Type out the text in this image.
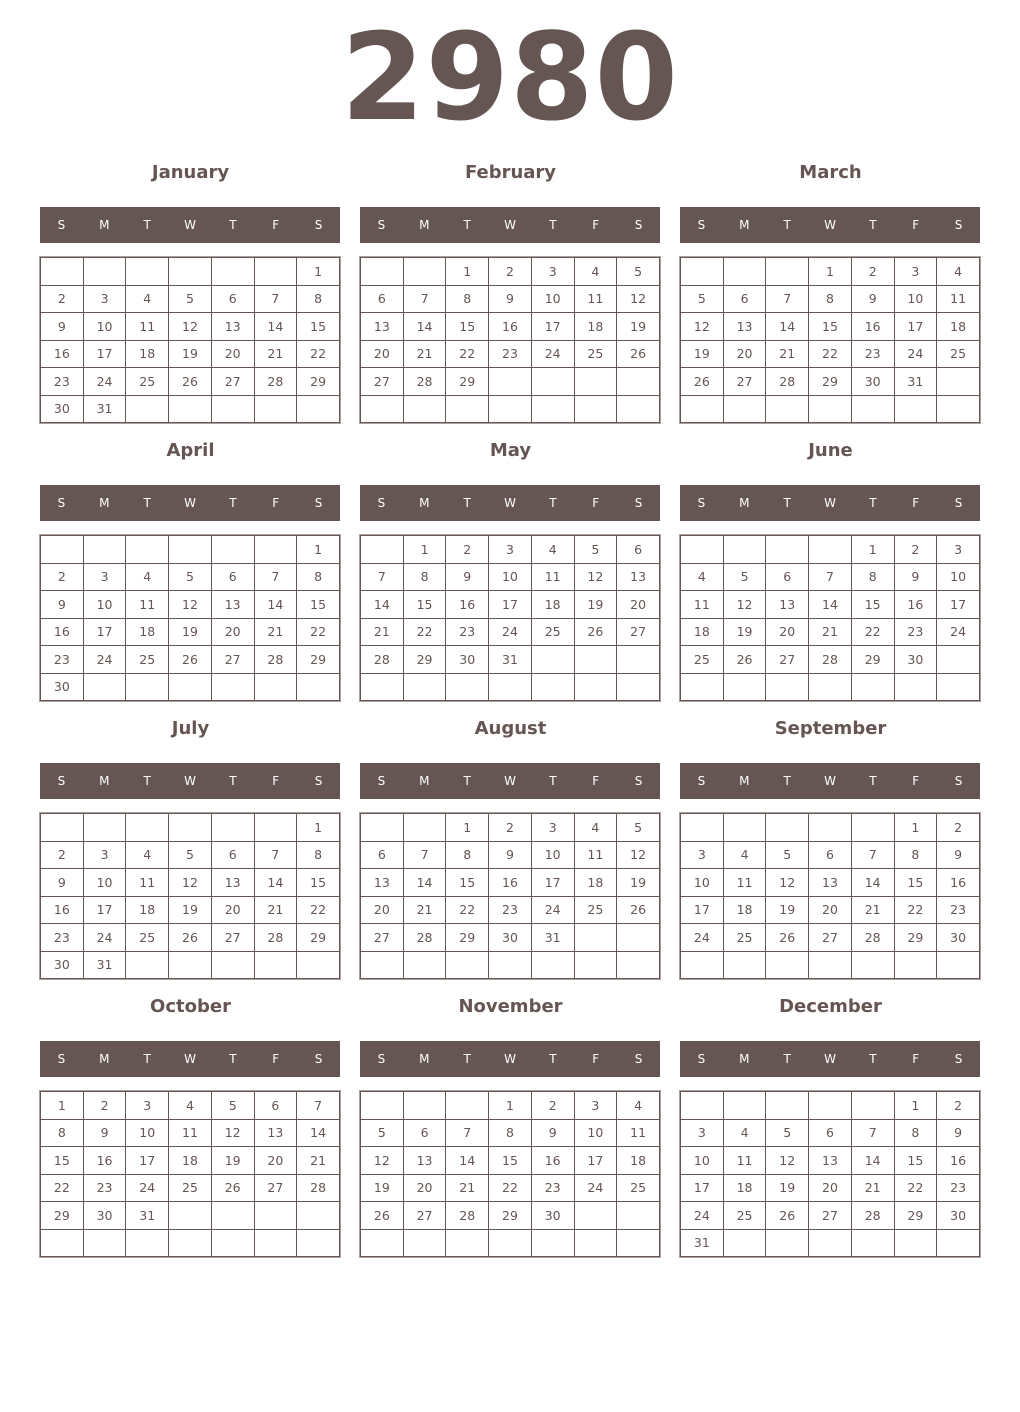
2980
January
S	M	T	W	T	F	S
						1
2	3	4	5	6	7	8
9	10	11	12	13	14	15
16	17	18	19	20	21	22
23	24	25	26	27	28	29
30	31					
February
S	M	T	W	T	F	S
		1	2	3	4	5
6	7	8	9	10	11	12
13	14	15	16	17	18	19
20	21	22	23	24	25	26
27	28	29				

March
S	M	T	W	T	F	S
			1	2	3	4
5	6	7	8	9	10	11
12	13	14	15	16	17	18
19	20	21	22	23	24	25
26	27	28	29	30	31	

April
S	M	T	W	T	F	S
						1
2	3	4	5	6	7	8
9	10	11	12	13	14	15
16	17	18	19	20	21	22
23	24	25	26	27	28	29
30						
May
S	M	T	W	T	F	S
	1	2	3	4	5	6
7	8	9	10	11	12	13
14	15	16	17	18	19	20
21	22	23	24	25	26	27
28	29	30	31			

June
S	M	T	W	T	F	S
				1	2	3
4	5	6	7	8	9	10
11	12	13	14	15	16	17
18	19	20	21	22	23	24
25	26	27	28	29	30	

July
S	M	T	W	T	F	S
						1
2	3	4	5	6	7	8
9	10	11	12	13	14	15
16	17	18	19	20	21	22
23	24	25	26	27	28	29
30	31					
August
S	M	T	W	T	F	S
		1	2	3	4	5
6	7	8	9	10	11	12
13	14	15	16	17	18	19
20	21	22	23	24	25	26
27	28	29	30	31		

September
S	M	T	W	T	F	S
					1	2
3	4	5	6	7	8	9
10	11	12	13	14	15	16
17	18	19	20	21	22	23
24	25	26	27	28	29	30

October
S	M	T	W	T	F	S
1	2	3	4	5	6	7
8	9	10	11	12	13	14
15	16	17	18	19	20	21
22	23	24	25	26	27	28
29	30	31				

November
S	M	T	W	T	F	S
			1	2	3	4
5	6	7	8	9	10	11
12	13	14	15	16	17	18
19	20	21	22	23	24	25
26	27	28	29	30		

December
S	M	T	W	T	F	S
					1	2
3	4	5	6	7	8	9
10	11	12	13	14	15	16
17	18	19	20	21	22	23
24	25	26	27	28	29	30
31						
